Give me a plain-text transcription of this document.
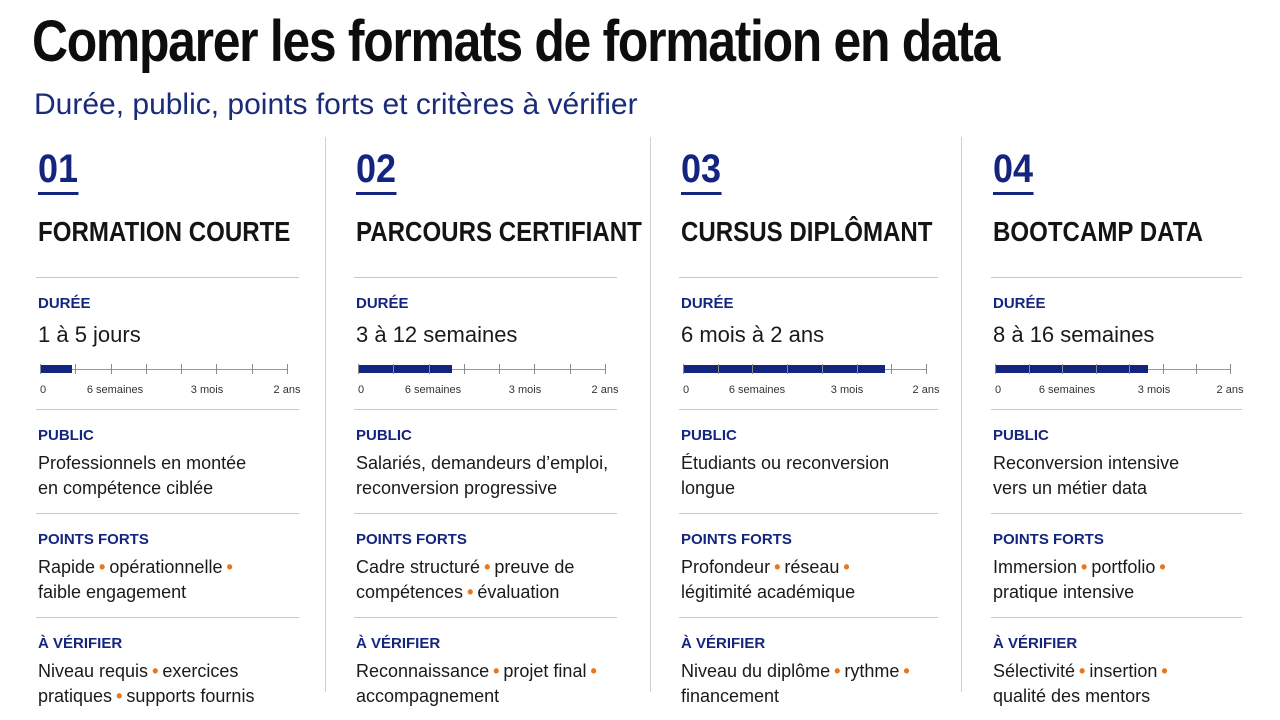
Comparer les formats de formation en data
Durée, public, points forts et critères à vérifier
01
FORMATION COURTE
DURÉE
1 à 5 jours
0	6 semaines	3 mois	2 ans
PUBLIC
Professionnels en montée
en compétence ciblée
POINTS FORTS
Rapide • opérationnelle •
faible engagement
À VÉRIFIER
Niveau requis • exercices
pratiques • supports fournis
02
PARCOURS CERTIFIANT
DURÉE
3 à 12 semaines
0	6 semaines	3 mois	2 ans
PUBLIC
Salariés, demandeurs d’emploi,
reconversion progressive
POINTS FORTS
Cadre structuré • preuve de
compétences • évaluation
À VÉRIFIER
Reconnaissance • projet final •
accompagnement
03
CURSUS DIPLÔMANT
DURÉE
6 mois à 2 ans
0	6 semaines	3 mois	2 ans
PUBLIC
Étudiants ou reconversion
longue
POINTS FORTS
Profondeur • réseau •
légitimité académique
À VÉRIFIER
Niveau du diplôme • rythme •
financement
04
BOOTCAMP DATA
DURÉE
8 à 16 semaines
0	6 semaines	3 mois	2 ans
PUBLIC
Reconversion intensive
vers un métier data
POINTS FORTS
Immersion • portfolio •
pratique intensive
À VÉRIFIER
Sélectivité • insertion •
qualité des mentors
